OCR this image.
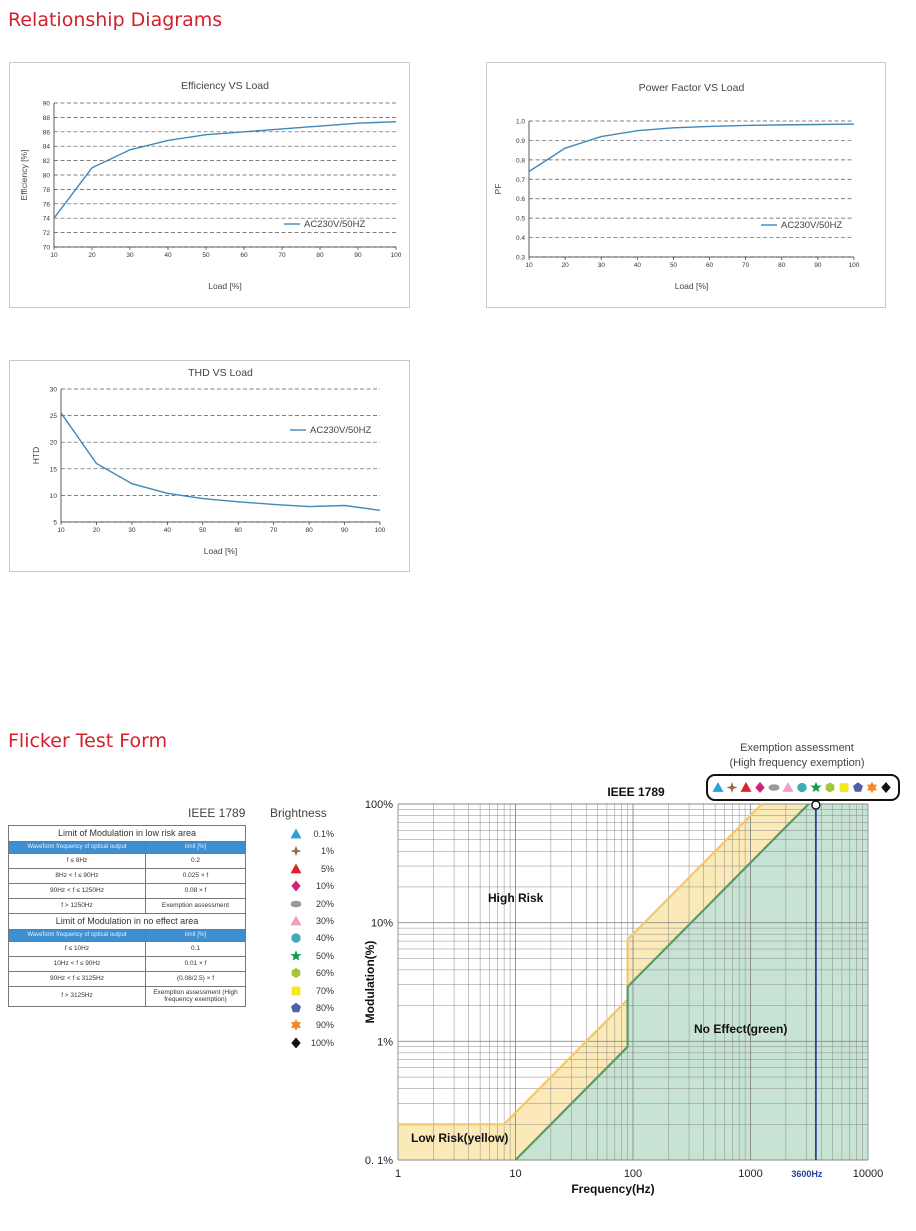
Relationship Diagrams
Flicker Test Form
Efficiency VS Load
70
72
74
76
78
80
82
84
86
88
90
10	20	30	40	50	60	70	80	90	100
Load [%]
Efficiency [%]
AC230V/50HZ
Power Factor VS Load
0.3
0.4
0.5
0.6
0.7
0.8
0.9
1.0
10	20	30	40	50	60	70	80	90	100
Load [%]
PF
AC230V/50HZ
THD VS Load
5
10
15
20
25
30
10	20	30	40	50	60	70	80	90	100
Load [%]
HTD
AC230V/50HZ
IEEE 1789
Limit of Modulation in low risk area	
Waveform frequency of optical output	limit [%]
f ≤ 8Hz	0.2
8Hz < f ≤ 90Hz	0.025 × f
90Hz < f ≤ 1250Hz	0.08 × f
f > 1250Hz	Exemption assessment
Limit of Modulation in no effect area	
Waveform frequency of optical output	limit [%]
f ≤ 10Hz	0.1
10Hz < f ≤ 90Hz	0.01 × f
90Hz < f ≤ 3125Hz	(0.08/2.5) × f
f > 3125Hz	Exemption assessment (High frequency exemption)
Brightness
0.1%
1%
5%
10%
20%
30%
40%
50%
60%
70%
80%
90%
100%
Exemption assessment
(High frequency exemption)
3600Hz
1	10	100	1000	10000
0. 1%
1%
10%
100%
IEEE 1789
Frequency(Hz)
Modulation(%)
High Risk
No Effect(green)
Low Risk(yellow)
